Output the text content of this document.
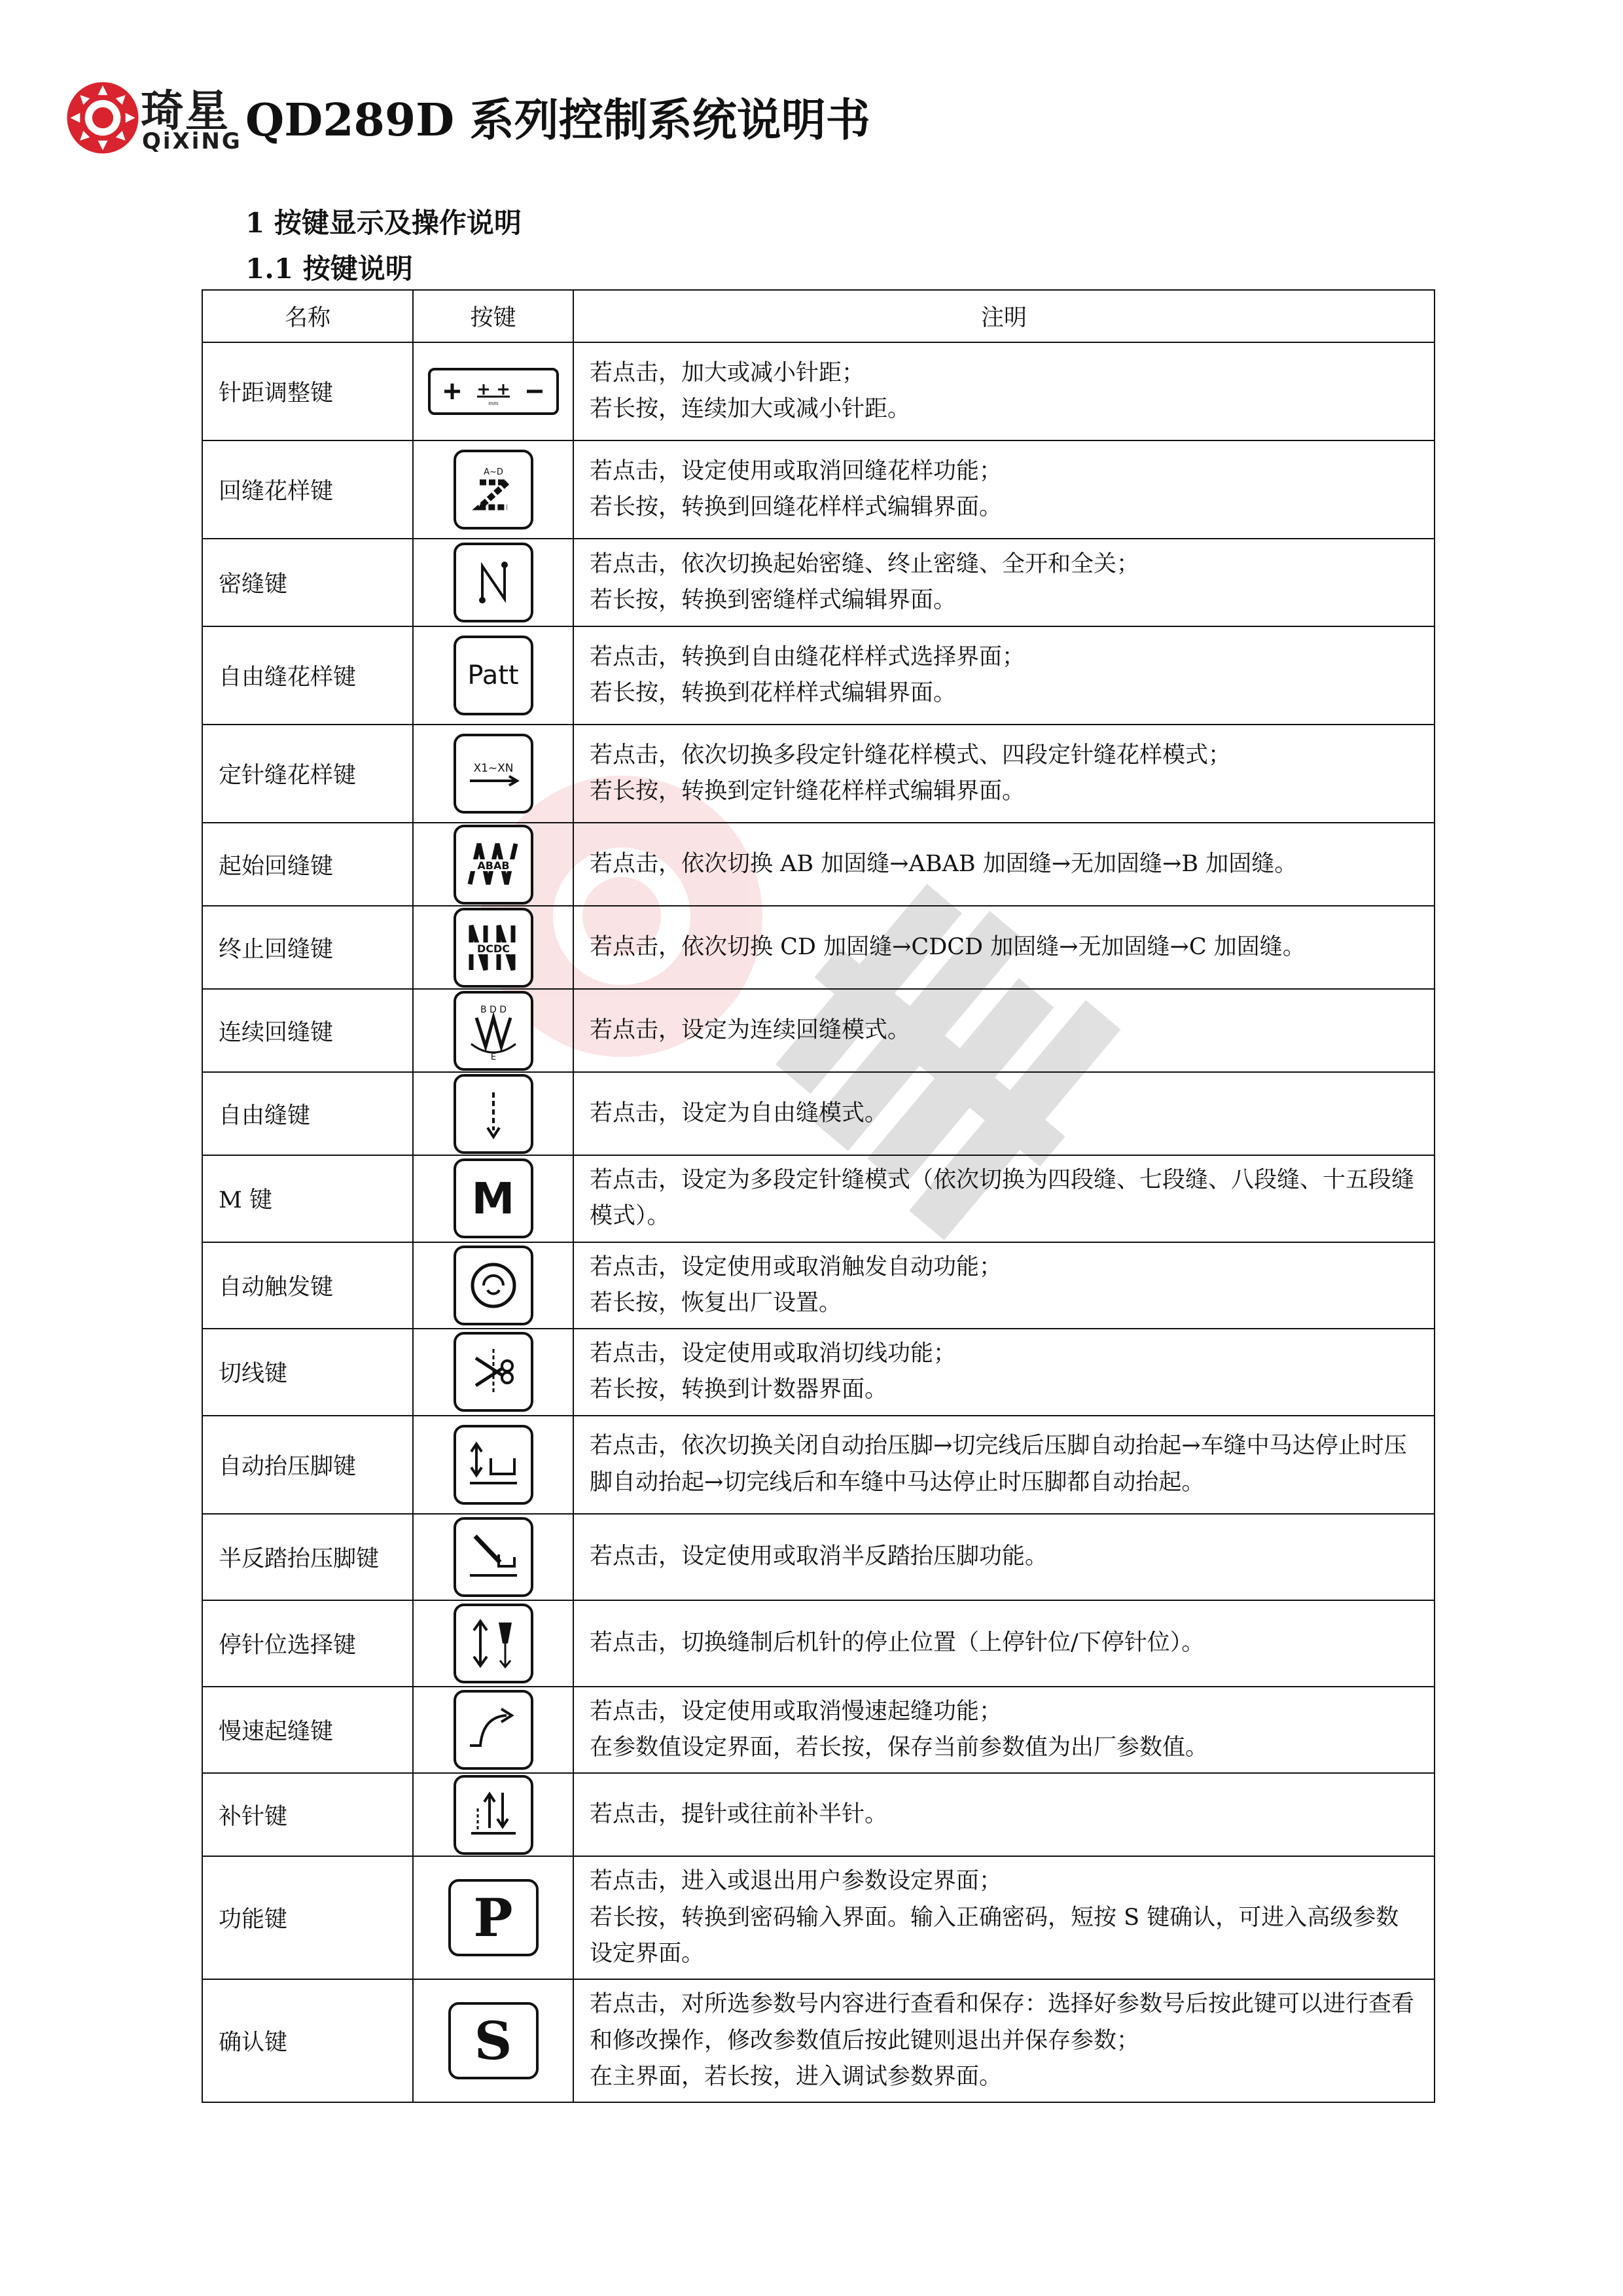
琦星
QiXiNG QD289D 系列控制系统说明书
1 按键显示及操作说明
1.1 按键说明
名称	按键	注明
针距调整键	mm	若点击，加大或减小针距；
若长按，连续加大或减小针距。

回缝花样键	A~D	若点击，设定使用或取消回缝花样功能；
若长按，转换到回缝花样样式编辑界面。

密缝键		若点击，依次切换起始密缝、终止密缝、全开和全关；
若长按，转换到密缝样式编辑界面。

自由缝花样键	Patt	若点击，转换到自由缝花样样式选择界面；
若长按，转换到花样样式编辑界面。

定针缝花样键	X1~XN	若点击，依次切换多段定针缝花样模式、四段定针缝花样模式；
若长按，转换到定针缝花样样式编辑界面。

起始回缝键	ABAB	若点击，依次切换 AB 加固缝→ABAB 加固缝→无加固缝→B 加固缝。

终止回缝键	DCDC	若点击，依次切换 CD 加固缝→CDCD 加固缝→无加固缝→C 加固缝。

连续回缝键	B D D
E	若点击，设定为连续回缝模式。

自由缝键		若点击，设定为自由缝模式。

M 键	M	若点击，设定为多段定针缝模式（依次切换为四段缝、七段缝、八段缝、十五段缝模式）。

自动触发键		若点击，设定使用或取消触发自动功能；
若长按，恢复出厂设置。

切线键		若点击，设定使用或取消切线功能；
若长按，转换到计数器界面。

自动抬压脚键		若点击，依次切换关闭自动抬压脚→切完线后压脚自动抬起→车缝中马达停止时压脚自动抬起→切完线后和车缝中马达停止时压脚都自动抬起。

半反踏抬压脚键		若点击，设定使用或取消半反踏抬压脚功能。

停针位选择键		若点击，切换缝制后机针的停止位置（上停针位/下停针位）。

慢速起缝键		若点击，设定使用或取消慢速起缝功能；
在参数值设定界面，若长按，保存当前参数值为出厂参数值。

补针键		若点击，提针或往前补半针。

功能键	P	若点击，进入或退出用户参数设定界面；
若长按，转换到密码输入界面。输入正确密码，短按 S 键确认，可进入高级参数设定界面。

确认键	S	若点击，对所选参数号内容进行查看和保存：选择好参数号后按此键可以进行查看和修改操作，修改参数值后按此键则退出并保存参数；
在主界面，若长按，进入调试参数界面。
